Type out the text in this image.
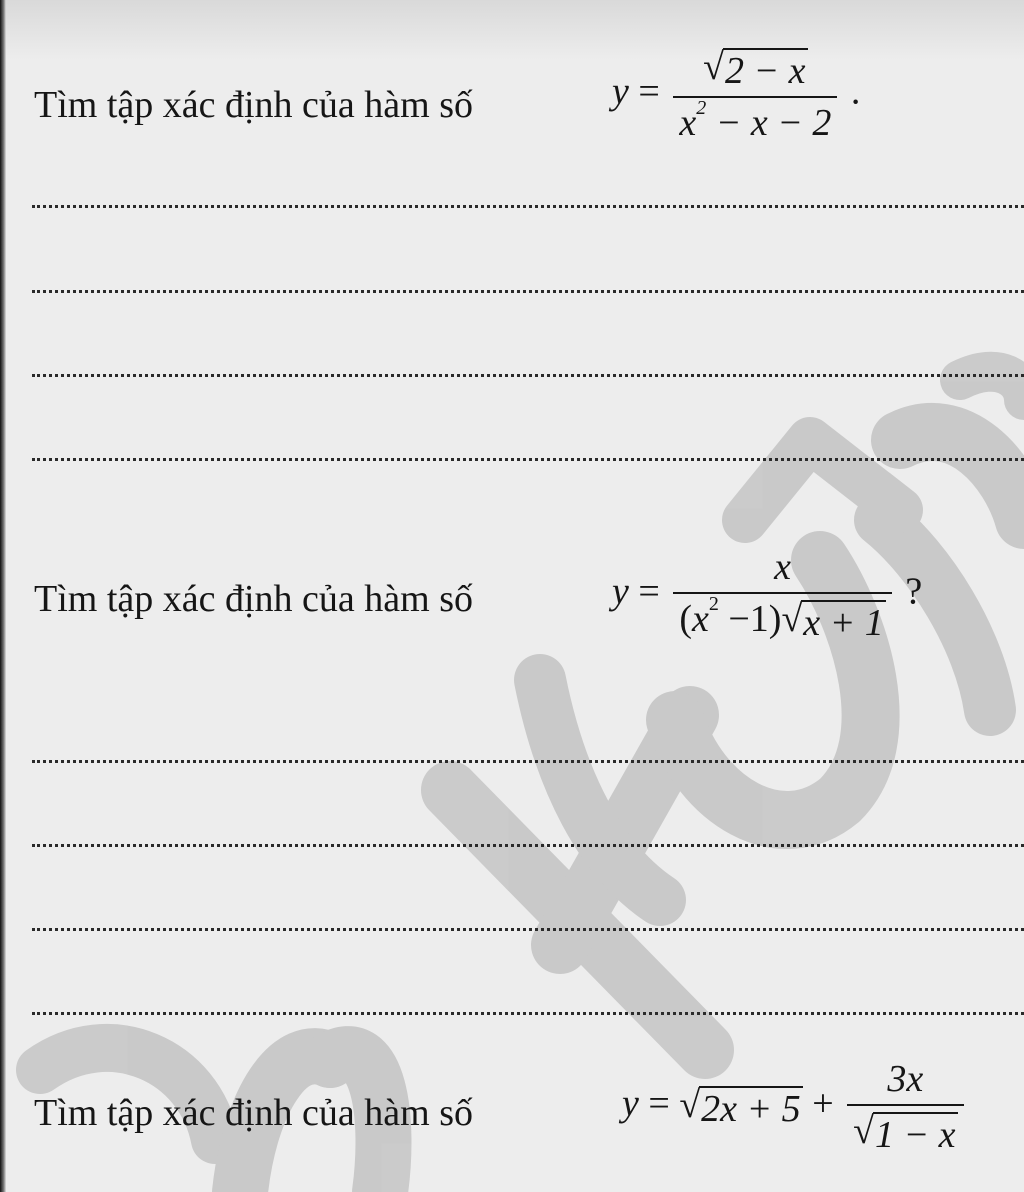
Tìm tập xác định của hàm số	$y = \frac{√ 2 - x}{x^2 - x - 2}$ .
Tìm tập xác định của hàm số	$y = \frac{x}{(x^2 -1) √ x + 1}$ ?
Tìm tập xác định của hàm số	y = √ $2x + 5 + \frac{3x}{√ 1 - x}$
